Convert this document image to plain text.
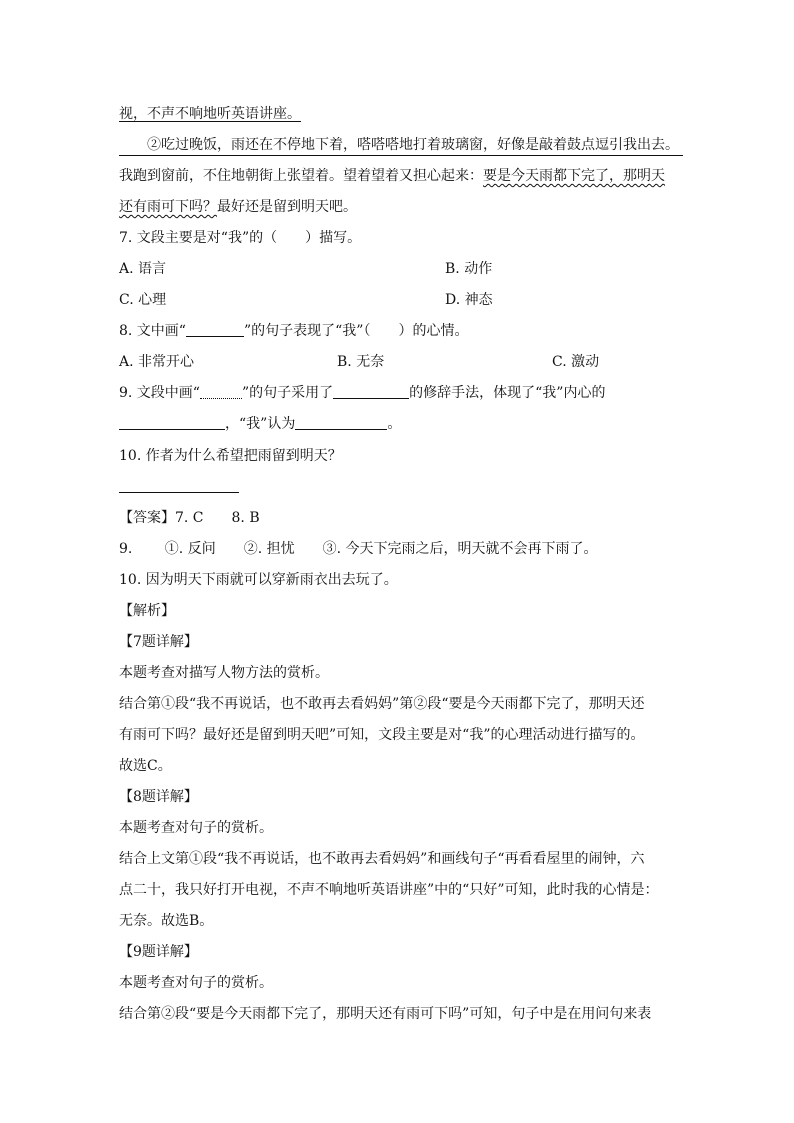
视，不声不响地听英语讲座。
②吃过晚饭，雨还在不停地下着，嗒嗒嗒地打着玻璃窗，好像是敲着鼓点逗引我出去。
我跑到窗前，不住地朝街上张望着。望着望着又担心起来：要是今天雨都下完了，那明天
还有雨可下吗？最好还是留到明天吧。
7. 文段主要是对“我”的（　　）描写。
A. 语言	B. 动作
C. 心理	D. 神态
8. 文中画“	”的句子表现了“我”（　　）的心情。
A. 非常开心	B. 无奈	C. 激动
9. 文段中画“	”的句子采用了	的修辞手法，体现了“我”内心的
，“我”认为	。
10. 作者为什么希望把雨留到明天？
【答案】7. C　　8. B
9. 　　①. 反问　　②. 担忧　　③. 今天下完雨之后，明天就不会再下雨了。
10. 因为明天下雨就可以穿新雨衣出去玩了。
【解析】
【7题详解】
本题考查对描写人物方法的赏析。
结合第①段“我不再说话，也不敢再去看妈妈”第②段“要是今天雨都下完了，那明天还
有雨可下吗？最好还是留到明天吧”可知，文段主要是对“我”的心理活动进行描写的。
故选C。
【8题详解】
本题考查对句子的赏析。
结合上文第①段“我不再说话，也不敢再去看妈妈”和画线句子“再看看屋里的闹钟，六
点二十，我只好打开电视，不声不响地听英语讲座”中的“只好”可知，此时我的心情是：
无奈。故选B。
【9题详解】
本题考查对句子的赏析。
结合第②段“要是今天雨都下完了，那明天还有雨可下吗”可知，句子中是在用问句来表
